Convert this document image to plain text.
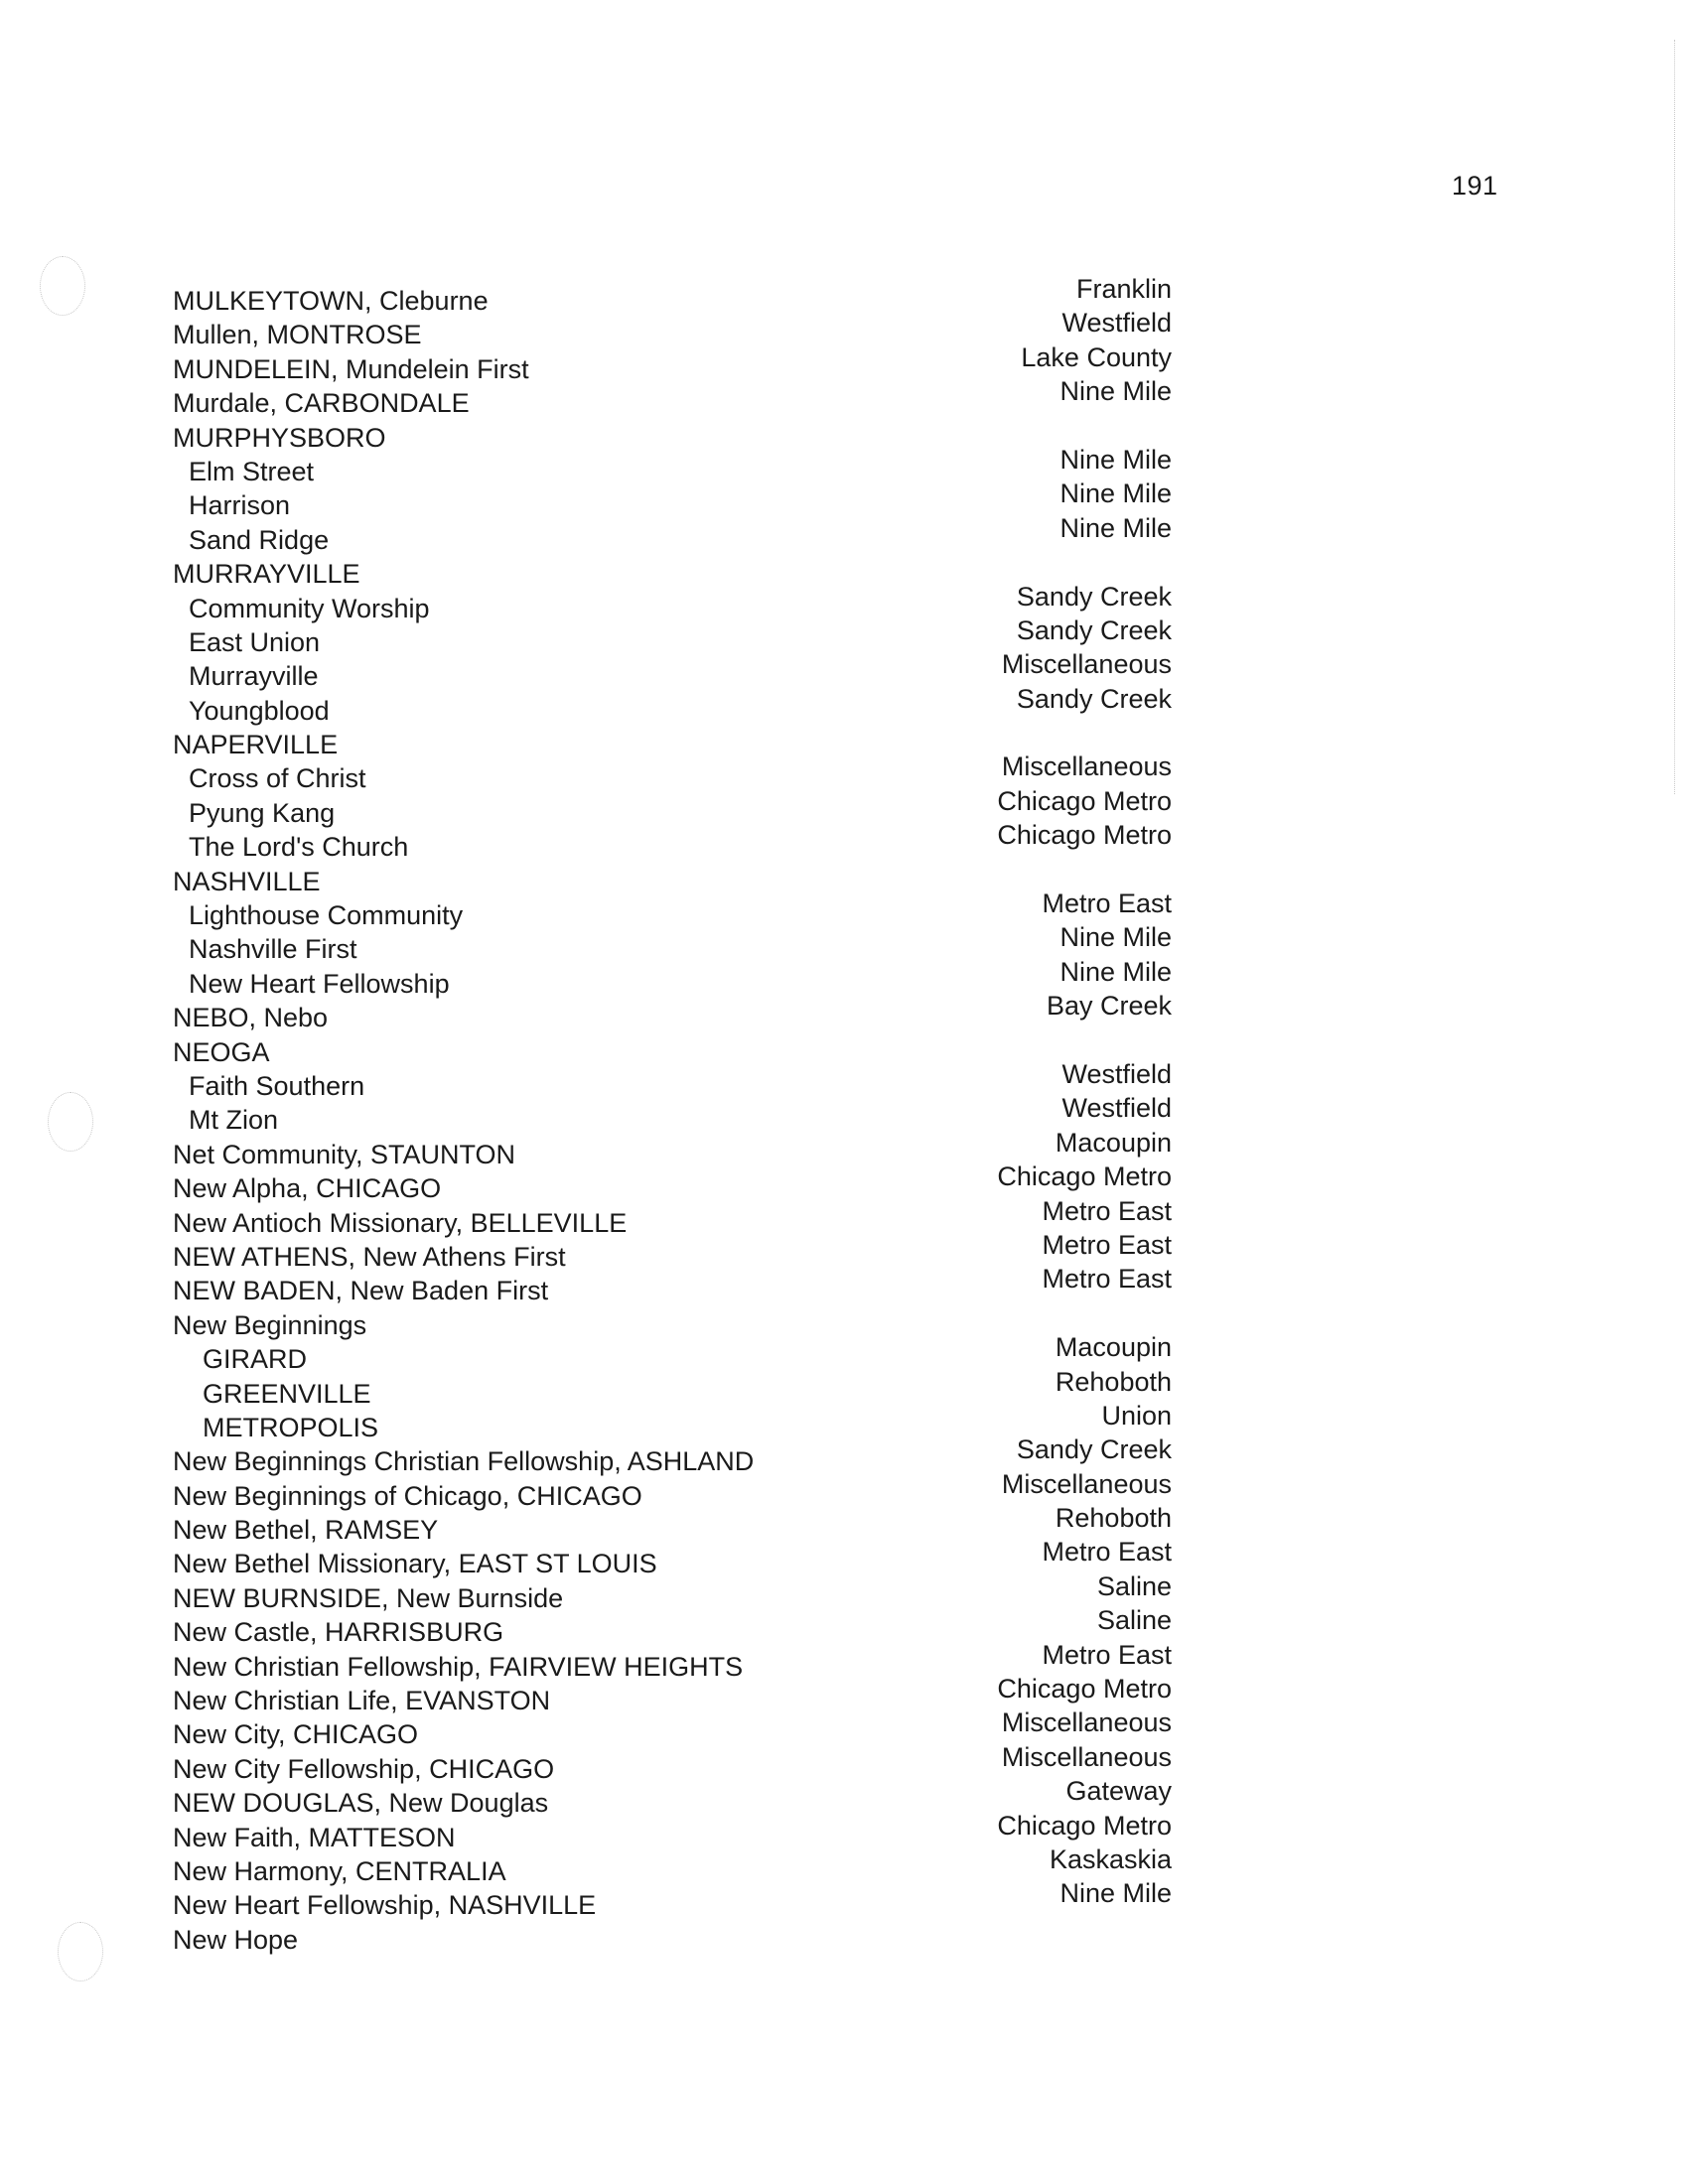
191
MULKEYTOWN, Cleburne
Mullen, MONTROSE
MUNDELEIN, Mundelein First
Murdale, CARBONDALE
MURPHYSBORO
Elm Street
Harrison
Sand Ridge
MURRAYVILLE
Community Worship
East Union
Murrayville
Youngblood
NAPERVILLE
Cross of Christ
Pyung Kang
The Lord's Church
NASHVILLE
Lighthouse Community
Nashville First
New Heart Fellowship
NEBO, Nebo
NEOGA
Faith Southern
Mt Zion
Net Community, STAUNTON
New Alpha, CHICAGO
New Antioch Missionary, BELLEVILLE
NEW ATHENS, New Athens First
NEW BADEN, New Baden First
New Beginnings
GIRARD
GREENVILLE
METROPOLIS
New Beginnings Christian Fellowship, ASHLAND
New Beginnings of Chicago, CHICAGO
New Bethel, RAMSEY
New Bethel Missionary, EAST ST LOUIS
NEW BURNSIDE, New Burnside
New Castle, HARRISBURG
New Christian Fellowship, FAIRVIEW HEIGHTS
New Christian Life, EVANSTON
New City, CHICAGO
New City Fellowship, CHICAGO
NEW DOUGLAS, New Douglas
New Faith, MATTESON
New Harmony, CENTRALIA
New Heart Fellowship, NASHVILLE
New Hope
Franklin
Westfield
Lake County
Nine Mile
Nine Mile
Nine Mile
Nine Mile
Sandy Creek
Sandy Creek
Miscellaneous
Sandy Creek
Miscellaneous
Chicago Metro
Chicago Metro
Metro East
Nine Mile
Nine Mile
Bay Creek
Westfield
Westfield
Macoupin
Chicago Metro
Metro East
Metro East
Metro East
Macoupin
Rehoboth
Union
Sandy Creek
Miscellaneous
Rehoboth
Metro East
Saline
Saline
Metro East
Chicago Metro
Miscellaneous
Miscellaneous
Gateway
Chicago Metro
Kaskaskia
Nine Mile
